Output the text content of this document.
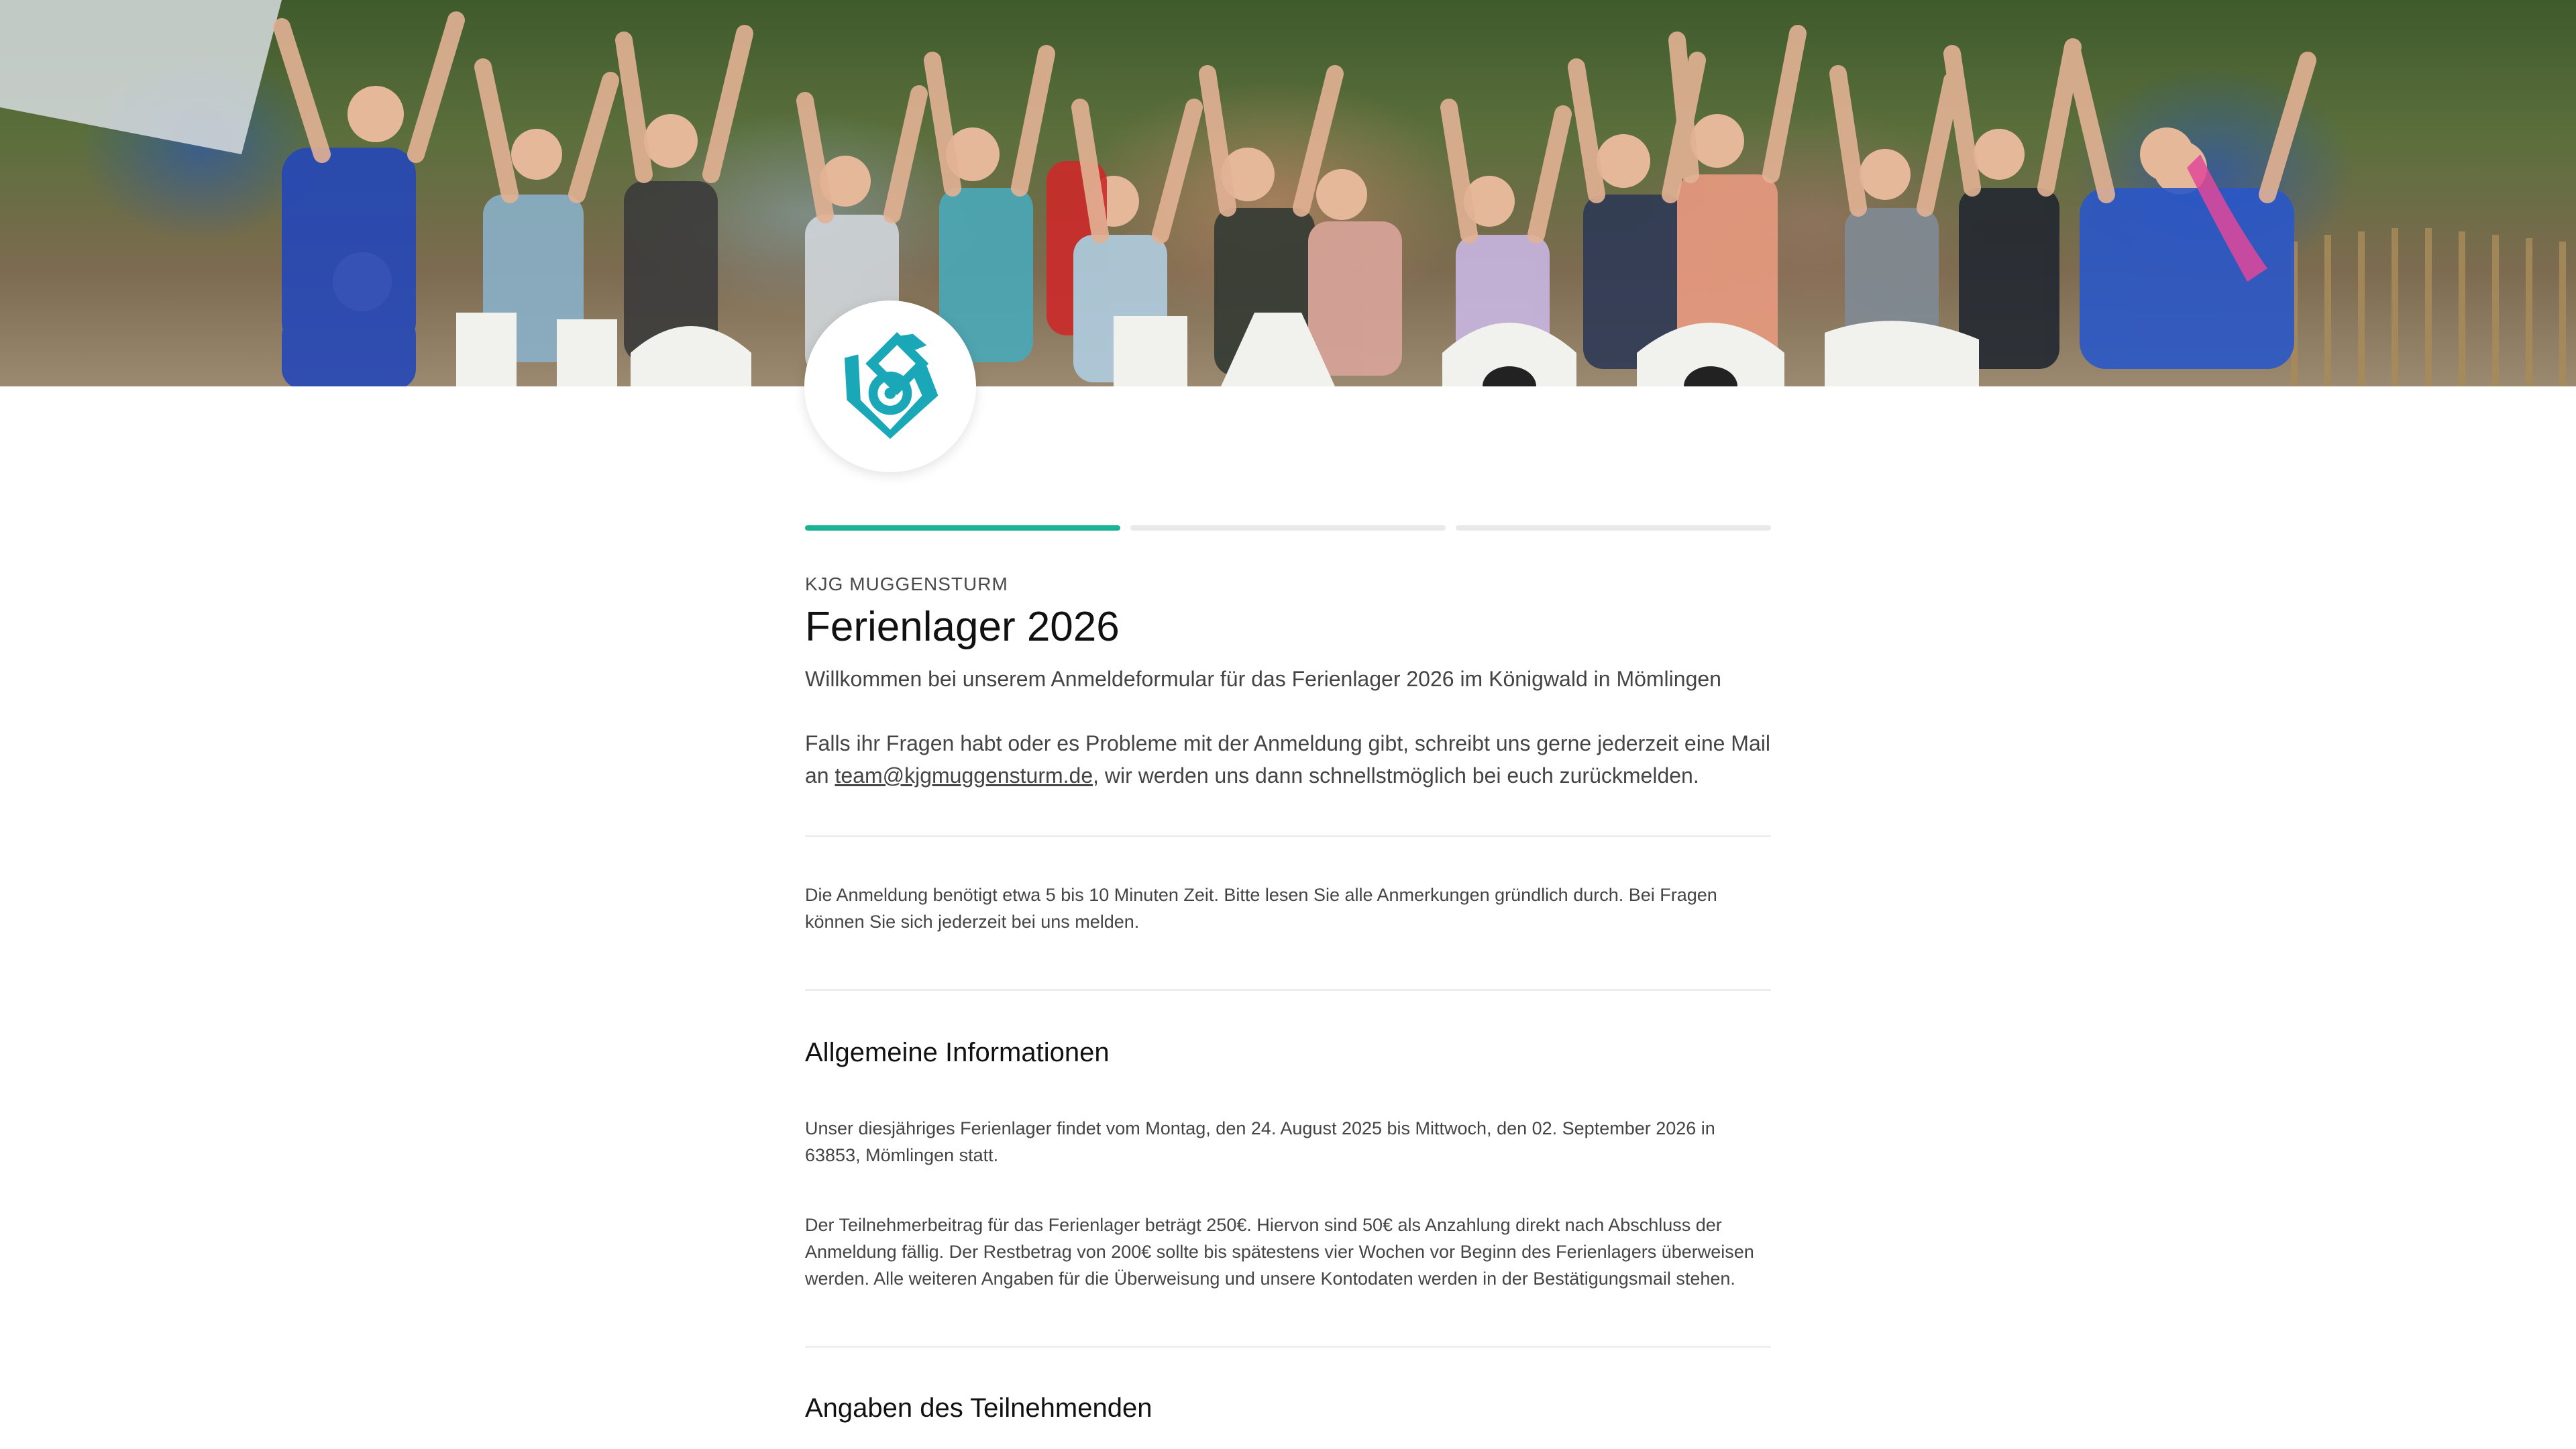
KJG MUGGENSTURM

Ferienlager 2026

Willkommen bei unserem Anmeldeformular für das Ferienlager 2026 im Königwald in Mömlingen

Falls ihr Fragen habt oder es Probleme mit der Anmeldung gibt, schreibt uns gerne jederzeit eine Mail an team@kjgmuggensturm.de, wir werden uns dann schnellstmöglich bei euch zurückmelden.

Die Anmeldung benötigt etwa 5 bis 10 Minuten Zeit. Bitte lesen Sie alle Anmerkungen gründlich durch. Bei Fragen können Sie sich jederzeit bei uns melden.

Allgemeine Informationen

Unser diesjähriges Ferienlager findet vom Montag, den 24. August 2025 bis Mittwoch, den 02. September 2026 in 63853, Mömlingen statt.

Der Teilnehmerbeitrag für das Ferienlager beträgt 250€. Hiervon sind 50€ als Anzahlung direkt nach Abschluss der Anmeldung fällig. Der Restbetrag von 200€ sollte bis spätestens vier Wochen vor Beginn des Ferienlagers überweisen werden. Alle weiteren Angaben für die Überweisung und unsere Kontodaten werden in der Bestätigungsmail stehen.

Angaben des Teilnehmenden
